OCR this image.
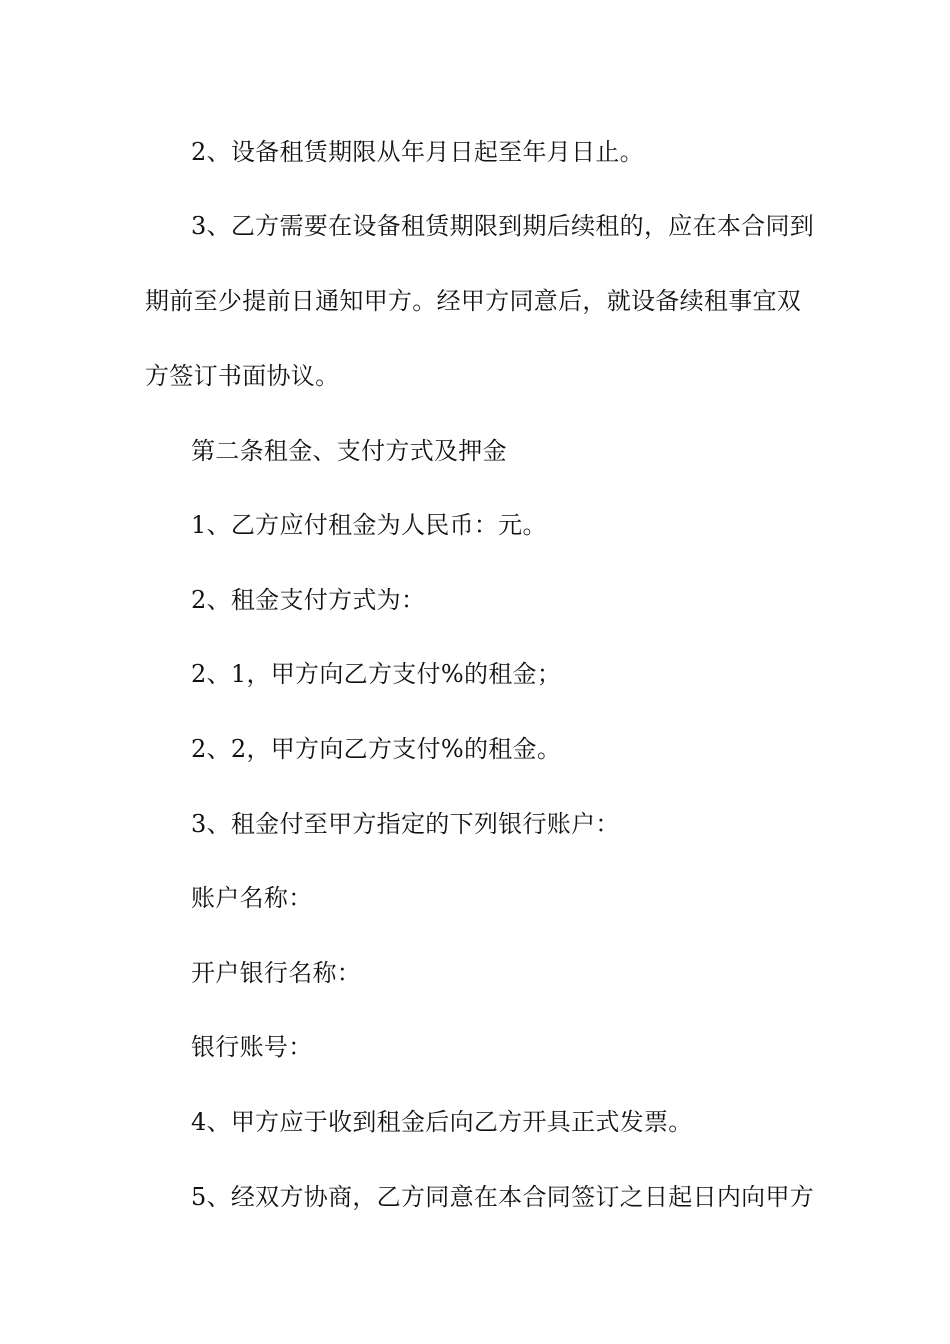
2、设备租赁期限从年月日起至年月日止。
3、乙方需要在设备租赁期限到期后续租的，应在本合同到
期前至少提前日通知甲方。经甲方同意后，就设备续租事宜双
方签订书面协议。
第二条租金、支付方式及押金
1、乙方应付租金为人民币：元。
2、租金支付方式为：
2、1，甲方向乙方支付%的租金；
2、2，甲方向乙方支付%的租金。
3、租金付至甲方指定的下列银行账户：
账户名称：
开户银行名称：
银行账号：
4、甲方应于收到租金后向乙方开具正式发票。
5、经双方协商，乙方同意在本合同签订之日起日内向甲方
